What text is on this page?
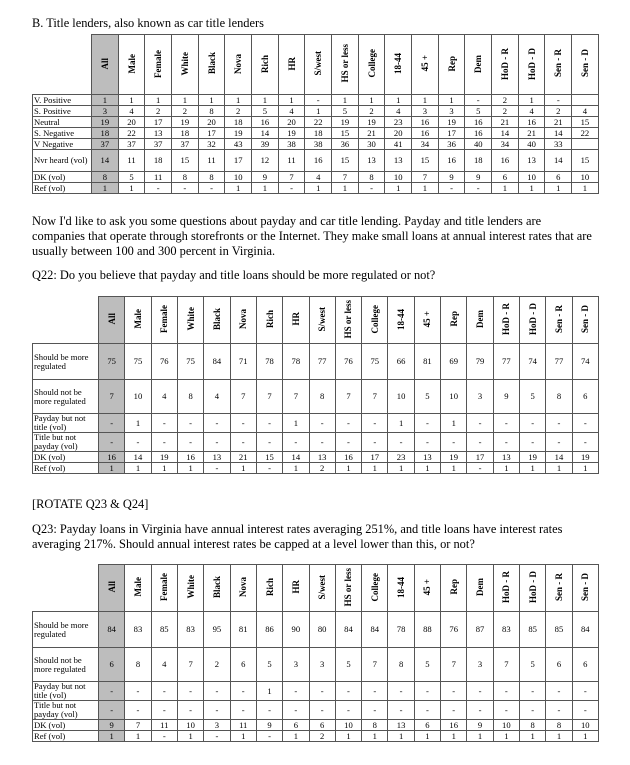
B. Title lenders, also known as car title lenders
	All	Male	Female	White	Black	Nova	Rich	HR	S/west	HS or less	College	18-44	45 +	Rep	Dem	HoD - R	HoD - D	Sen - R	Sen - D
V. Positive	1	1	1	1	1	1	1	1	-	1	1	1	1	1	-	2	1	-	
S. Positive	3	4	2	2	8	2	5	4	1	5	2	4	3	3	5	2	4	2	4
Neutral	19	20	17	19	20	18	16	20	22	19	19	23	16	19	16	21	16	21	15
S. Negative	18	22	13	18	17	19	14	19	18	15	21	20	16	17	16	14	21	14	22
V Negative	37	37	37	37	32	43	39	38	38	36	30	41	34	36	40	34	40	33	
Nvr heard (vol)	14	11	18	15	11	17	12	11	16	15	13	13	15	16	18	16	13	14	15
DK (vol)	8	5	11	8	8	10	9	7	4	7	8	10	7	9	9	6	10	6	10
Ref (vol)	1	1	-	-	-	1	1	-	1	1	-	1	1	-	-	1	1	1	1
Now I'd like to ask you some questions about payday and car title lending. Payday and title lenders are companies that operate through storefronts or the Internet. They make small loans at annual interest rates that are usually between 100 and 300 percent in Virginia.
Q22: Do you believe that payday and title loans should be more regulated or not?
	All	Male	Female	White	Black	Nova	Rich	HR	S/west	HS or less	College	18-44	45 +	Rep	Dem	HoD - R	HoD - D	Sen - R	Sen - D
Should be more regulated	75	75	76	75	84	71	78	78	77	76	75	66	81	69	79	77	74	77	74
Should not be more regulated	7	10	4	8	4	7	7	7	8	7	7	10	5	10	3	9	5	8	6
Payday but not title (vol)	-	1	-	-	-	-	-	1	-	-	-	1	-	1	-	-	-	-	-
Title but not payday (vol)	-	-	-	-	-	-	-	-	-	-	-	-	-	-	-	-	-	-	-
DK (vol)	16	14	19	16	13	21	15	14	13	16	17	23	13	19	17	13	19	14	19
Ref (vol)	1	1	1	1	-	1	-	1	2	1	1	1	1	1	-	1	1	1	1
[ROTATE Q23 & Q24]
Q23: Payday loans in Virginia have annual interest rates averaging 251%, and title loans have interest rates averaging 217%. Should annual interest rates be capped at a level lower than this, or not?
	All	Male	Female	White	Black	Nova	Rich	HR	S/west	HS or less	College	18-44	45 +	Rep	Dem	HoD - R	HoD - D	Sen - R	Sen - D
Should be more regulated	84	83	85	83	95	81	86	90	80	84	84	78	88	76	87	83	85	85	84
Should not be more regulated	6	8	4	7	2	6	5	3	3	5	7	8	5	7	3	7	5	6	6
Payday but not title (vol)	-	-	-	-	-	-	1	-	-	-	-	-	-	-	-	-	-	-	-
Title but not payday (vol)	-	-	-	-	-	-	-	-	-	-	-	-	-	-	-	-	-	-	-
DK (vol)	9	7	11	10	3	11	9	6	6	10	8	13	6	16	9	10	8	8	10
Ref (vol)	1	1	-	1	-	1	-	1	2	1	1	1	1	1	1	1	1	1	1
